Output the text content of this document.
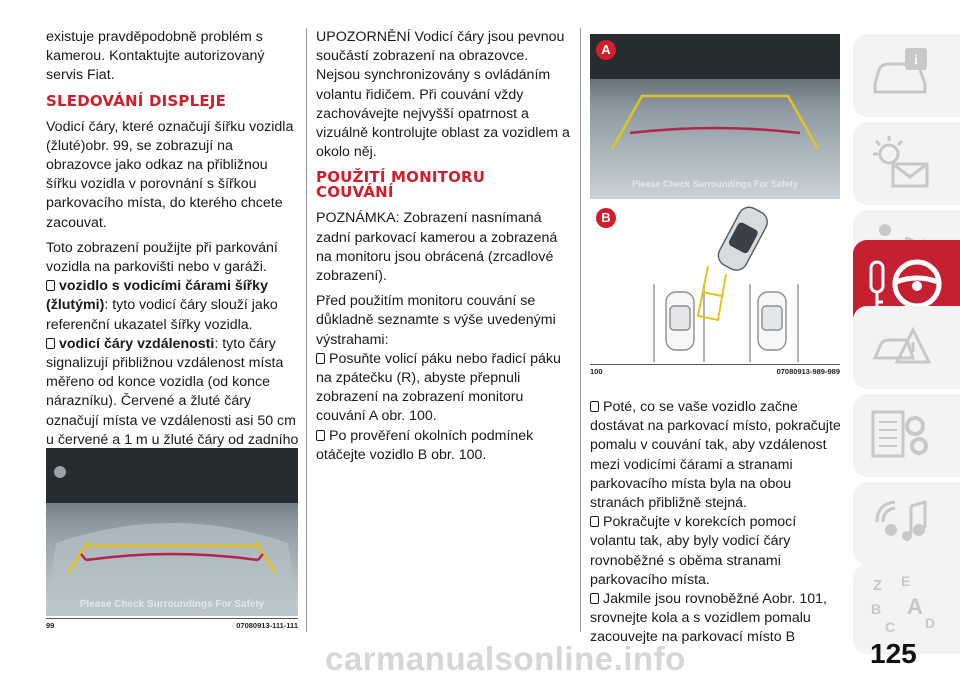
existuje pravděpodobně problém s kamerou. Kontaktujte autorizovaný servis Fiat.

SLEDOVÁNÍ DISPLEJE

Vodicí čáry, které označují šířku vozidla (žluté)obr. 99, se zobrazují na obrazovce jako odkaz na přibližnou šířku vozidla v porovnání s šířkou parkovacího místa, do kterého chcete zacouvat.

Toto zobrazení použijte při parkování vozidla na parkovišti nebo v garáži.

vozidlo s vodicími čárami šířky (žlutými): tyto vodicí čáry slouží jako referenční ukazatel šířky vozidla.

vodicí čáry vzdálenosti: tyto čáry signalizují přibližnou vzdálenost místa měřeno od konce vozidla (od konce nárazníku). Červené a žluté čáry označují místa ve vzdálenosti asi 50 cm u červené a 1 m u žluté čáry od zadního

Please Check Surroundings For Safety
99	07080913-111-111

UPOZORNĚNÍ Vodicí čáry jsou pevnou součástí zobrazení na obrazovce. Nejsou synchronizovány s ovládáním volantu řidičem. Při couvání vždy zachovávejte nejvyšší opatrnost a vizuálně kontrolujte oblast za vozidlem a okolo něj.

POUŽITÍ MONITORU COUVÁNÍ

POZNÁMKA: Zobrazení nasnímaná zadní parkovací kamerou a zobrazená na monitoru jsou obrácená (zrcadlové zobrazení).

Před použitím monitoru couvání se důkladně seznamte s výše uvedenými výstrahami:

Posuňte volicí páku nebo řadicí páku na zpátečku (R), abyste přepnuli zobrazení na zobrazení monitoru couvání A obr. 100.

Po prověření okolních podmínek otáčejte vozidlo B obr. 100.

A
Please Check Surroundings For Safety
B
100	07080913-989-989

Poté, co se vaše vozidlo začne dostávat na parkovací místo, pokračujte pomalu v couvání tak, aby vzdálenost mezi vodicími čárami a stranami parkovacího místa byla na obou stranách přibližně stejná.

Pokračujte v korekcích pomocí volantu tak, aby byly vodicí čáry rovnoběžné s oběma stranami parkovacího místa.

Jakmile jsou rovnoběžné Aobr. 101, srovnejte kola a s vozidlem pomalu zacouvejte na parkovací místo B

i
Z E
B A
C D
125
carmanualsonline.info
